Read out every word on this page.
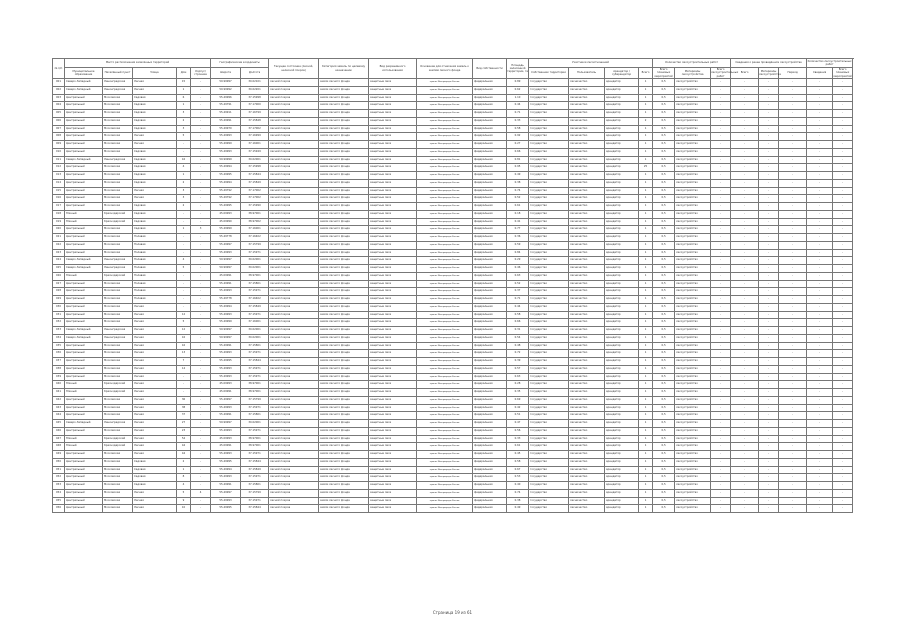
№ п/п	Место расположения залесённых территорий					Географические координаты		Текущее состояние (лесной, нелесной покров)	Категория земель по целевому назначению	Вид разрешённого использования	Основание для отнесения земель к землям лесного фонда	Вид собственности	Площадь залесённой территории, га	Участники лесоотношений				Количество лесоустроительных работ			Сведения о ранее проведённом лесоустройстве			Количество лесоустроительных работ	
	Муниципальное образование	Населённый пункт	Улица	Дом	Корпус/строение	Широта	Долгота							Собственник территории	Пользователь	Арендатор / субарендатор	Всего	Всего плановых мероприятий	Материалы лесоустройства	Всего лесоустроительных работ	Всего	Материалы лесоустройства	Период	Сведения	Всего плановых мероприятий	

001	Северо-Западный	Ленинградская	Лесная	15	-	59.99997	30.02101	лесной покров	земли лесного фонда	защитные леса	приказ Минприроды России	федеральная	0.89	государство	лесничество	арендатор	1	0,5	лесоустройство	-	-	-	-	-	-	
002	Северо-Западный	Ленинградская	Лесная	1	-	59.99992	30.02201	лесной покров	земли лесного фонда	защитные леса	приказ Минприроды России	федеральная	0.62	государство	лесничество	арендатор	1	0,5	лесоустройство	-	-	-	-	-	-	
003	Центральный	Московская	Садовая	6	-	55.49996	37.15998	лесной покров	земли лесного фонда	защитные леса	приказ Минприроды России	федеральная	1.10	государство	лесничество	арендатор	1	0,5	лесоустройство	-	-	-	-	-	-	
004	Центральный	Московская	Садовая	1	-	55.49791	37.17000	лесной покров	земли лесного фонда	защитные леса	приказ Минприроды России	федеральная	0.44	государство	лесничество	арендатор	1	0,5	лесоустройство	-	-	-	-	-	-	
005	Центральный	Московская	Садовая	3	-	55.49911	37.16799	лесной покров	земли лесного фонда	защитные леса	приказ Минприроды России	федеральная	0.71	государство	лесничество	арендатор	1	0,5	лесоустройство	-	-	-	-	-	-	
006	Центральный	Московская	Садовая	2	-	55.49991	37.15848	лесной покров	земли лесного фонда	защитные леса	приказ Минприроды России	федеральная	0.33	государство	лесничество	арендатор	2	0,5	лесоустройство	-	-	-	-	-	-	
007	Центральный	Московская	Садовая	3	-	55.49970	37.17002	лесной покров	земли лесного фонда	защитные леса	приказ Минприроды России	федеральная	0.58	государство	лесничество	арендатор	1	0,5	лесоустройство	-	-	-	-	-	-	
008	Центральный	Московская	Лесная	5	-	55.49993	37.16999	лесной покров	земли лесного фонда	защитные леса	приказ Минприроды России	федеральная	0.92	государство	лесничество	арендатор	1	0,5	лесоустройство	-	-	-	-	-	-	
009	Центральный	Московская	Лесная	-	-	55.49999	37.16001	лесной покров	земли лесного фонда	защитные леса	приказ Минприроды России	федеральная	0.27	государство	лесничество	арендатор	1	0,5	лесоустройство	-	-	-	-	-	-	
010	Центральный	Московская	Садовая	-	-	55.49993	37.15949	лесной покров	земли лесного фонда	защитные леса	приказ Минприроды России	федеральная	0.66	государство	лесничество	арендатор	1	0,5	лесоустройство	-	-	-	-	-	-	
011	Северо-Западный	Ленинградская	Садовая	16	-	59.99999	30.02001	лесной покров	земли лесного фонда	защитные леса	приказ Минприроды России	федеральная	0.81	государство	лесничество	арендатор	1	0,5	лесоустройство	-	-	-	-	-	-	
012	Центральный	Московская	Садовая	4	-	55.49994	37.15998	лесной покров	земли лесного фонда	защитные леса	приказ Минприроды России	федеральная	0.95	государство	лесничество	арендатор	25	0,5	лесоустройство	-	-	-	-	-	-	
013	Центральный	Московская	Садовая	1	-	55.49995	37.15844	лесной покров	земли лесного фонда	защитные леса	приказ Минприроды России	федеральная	0.49	государство	лесничество	арендатор	1	0,5	лесоустройство	-	-	-	-	-	-	
014	Центральный	Московская	Садовая	2	-	55.49994	37.15849	лесной покров	земли лесного фонда	защитные леса	приказ Минприроды России	федеральная	0.38	государство	лесничество	арендатор	1	0,5	лесоустройство	-	-	-	-	-	-	
015	Центральный	Московская	Лесная	3	-	55.49792	37.17002	лесной покров	земли лесного фонда	защитные леса	приказ Минприроды России	федеральная	0.74	государство	лесничество	арендатор	1	0,5	лесоустройство	-	-	-	-	-	-	
016	Центральный	Московская	Лесная	3	-	55.49792	37.17002	лесной покров	земли лесного фонда	защитные леса	приказ Минприроды России	федеральная	0.52	государство	лесничество	арендатор	1	0,5	лесоустройство	-	-	-	-	-	-	
017	Центральный	Московская	Садовая	2	-	55.49995	37.15990	лесной покров	земли лесного фонда	защитные леса	приказ Минприроды России	федеральная	0.61	государство	лесничество	арендатор	1	0,5	лесоустройство	-	-	-	-	-	-	
018	Южный	Краснодарский	Садовая	-	-	45.09993	38.97001	лесной покров	земли лесного фонда	защитные леса	приказ Минприроды России	федеральная	0.18	государство	лесничество	арендатор	1	0,5	лесоустройство	-	-	-	-	-	-	
019	Южный	Краснодарский	Садовая	-	-	45.09990	38.97002	лесной покров	земли лесного фонда	защитные леса	приказ Минприроды России	федеральная	0.41	государство	лесничество	арендатор	1	0,5	лесоустройство	-	-	-	-	-	-	
020	Центральный	Московская	Садовая	1	3	55.49999	37.16001	лесной покров	земли лесного фонда	защитные леса	приказ Минприроды России	федеральная	0.77	государство	лесничество	арендатор	1	0,5	лесоустройство	-	-	-	-	-	-	
021	Центральный	Московская	Полевая	-	-	55.49778	37.16402	лесной покров	земли лесного фонда	защитные леса	приказ Минприроды России	федеральная	0.36	государство	лесничество	арендатор	1	0,5	лесоустройство	-	-	-	-	-	-	
022	Центральный	Московская	Полевая	-	-	55.49997	37.15799	лесной покров	земли лесного фонда	защитные леса	приказ Минприроды России	федеральная	0.59	государство	лесничество	арендатор	1	0,5	лесоустройство	-	-	-	-	-	-	
023	Центральный	Московская	Полевая	-	-	55.49993	37.15971	лесной покров	земли лесного фонда	защитные леса	приказ Минприроды России	федеральная	0.84	государство	лесничество	арендатор	1	0,5	лесоустройство	-	-	-	-	-	-	
024	Северо-Западный	Ленинградская	Полевая	4	-	59.99997	30.02001	лесной покров	земли лесного фонда	защитные леса	приказ Минприроды России	федеральная	0.29	государство	лесничество	арендатор	1	0,5	лесоустройство	-	-	-	-	-	-	
025	Северо-Западный	Ленинградская	Полевая	5	-	59.99997	30.02001	лесной покров	земли лесного фонда	защитные леса	приказ Минприроды России	федеральная	0.46	государство	лесничество	арендатор	1	0,5	лесоустройство	-	-	-	-	-	-	
026	Южный	Краснодарский	Полевая	-	-	45.09991	38.97001	лесной покров	земли лесного фонда	защитные леса	приказ Минприроды России	федеральная	0.63	государство	лесничество	арендатор	1	0,5	лесоустройство	-	-	-	-	-	-	
027	Центральный	Московская	Полевая	-	-	55.49991	37.15801	лесной покров	земли лесного фонда	защитные леса	приказ Минприроды России	федеральная	0.52	государство	лесничество	арендатор	1	0,5	лесоустройство	-	-	-	-	-	-	
028	Центральный	Московская	Полевая	-	-	55.49993	37.15971	лесной покров	земли лесного фонда	защитные леса	приказ Минприроды России	федеральная	0.37	государство	лесничество	арендатор	1	0,5	лесоустройство	-	-	-	-	-	-	
029	Центральный	Московская	Полевая	-	-	55.49778	37.16402	лесной покров	земли лесного фонда	защитные леса	приказ Минприроды России	федеральная	0.71	государство	лесничество	арендатор	1	0,5	лесоустройство	-	-	-	-	-	-	
030	Центральный	Московская	Лесная	-	-	55.49994	37.15849	лесной покров	земли лесного фонда	защитные леса	приказ Минприроды России	федеральная	0.44	государство	лесничество	арендатор	1	0,5	лесоустройство	-	-	-	-	-	-	
031	Центральный	Московская	Лесная	12	-	55.49993	37.15971	лесной покров	земли лесного фонда	защитные леса	приказ Минприроды России	федеральная	0.58	государство	лесничество	арендатор	1	0,5	лесоустройство	-	-	-	-	-	-	
032	Центральный	Московская	Лесная	5	-	55.49999	37.16001	лесной покров	земли лесного фонда	защитные леса	приказ Минприроды России	федеральная	0.66	государство	лесничество	арендатор	1	0,5	лесоустройство	-	-	-	-	-	-	
033	Северо-Западный	Ленинградская	Лесная	12	-	59.99997	30.02001	лесной покров	земли лесного фонда	защитные леса	приказ Минприроды России	федеральная	0.31	государство	лесничество	арендатор	1	0,5	лесоустройство	-	-	-	-	-	-	
034	Северо-Западный	Ленинградская	Лесная	16	-	59.99997	30.02001	лесной покров	земли лесного фонда	защитные леса	приказ Минприроды России	федеральная	0.54	государство	лесничество	арендатор	1	0,5	лесоустройство	-	-	-	-	-	-	
035	Центральный	Московская	Лесная	16	-	55.49991	37.15801	лесной покров	земли лесного фонда	защитные леса	приказ Минприроды России	федеральная	0.48	государство	лесничество	арендатор	1	0,5	лесоустройство	-	-	-	-	-	-	
036	Центральный	Московская	Лесная	13	-	55.49993	37.15971	лесной покров	земли лесного фонда	защитные леса	приказ Минприроды России	федеральная	0.72	государство	лесничество	арендатор	1	0,5	лесоустройство	-	-	-	-	-	-	
037	Центральный	Московская	Лесная	7	-	55.49995	37.15844	лесной покров	земли лесного фонда	защитные леса	приказ Минприроды России	федеральная	0.39	государство	лесничество	арендатор	1	0,5	лесоустройство	-	-	-	-	-	-	
038	Центральный	Московская	Лесная	14	-	55.49993	37.15971	лесной покров	земли лесного фонда	защитные леса	приказ Минприроды России	федеральная	0.57	государство	лесничество	арендатор	1	0,5	лесоустройство	-	-	-	-	-	-	
039	Центральный	Московская	Лесная	-	-	55.49993	37.15971	лесной покров	земли лесного фонда	защитные леса	приказ Минприроды России	федеральная	0.63	государство	лесничество	арендатор	1	0,5	лесоустройство	-	-	-	-	-	-	
040	Южный	Краснодарский	Лесная	-	-	45.09993	38.97001	лесной покров	земли лесного фонда	защитные леса	приказ Минприроды России	федеральная	0.28	государство	лесничество	арендатор	1	0,5	лесоустройство	-	-	-	-	-	-	
041	Южный	Краснодарский	Лесная	-	-	45.09991	38.97001	лесной покров	земли лесного фонда	защитные леса	приказ Минприроды России	федеральная	0.35	государство	лесничество	арендатор	1	0,5	лесоустройство	-	-	-	-	-	-	
042	Центральный	Московская	Лесная	36	-	55.49997	37.15799	лесной покров	земли лесного фонда	защитные леса	приказ Минприроды России	федеральная	0.69	государство	лесничество	арендатор	1	0,5	лесоустройство	-	-	-	-	-	-	
043	Центральный	Московская	Лесная	38	-	55.49993	37.15971	лесной покров	земли лесного фонда	защитные леса	приказ Минприроды России	федеральная	0.42	государство	лесничество	арендатор	1	0,5	лесоустройство	-	-	-	-	-	-	
044	Центральный	Московская	Лесная	37	-	55.49991	37.15801	лесной покров	земли лесного фонда	защитные леса	приказ Минприроды России	федеральная	0.51	государство	лесничество	арендатор	1	0,5	лесоустройство	-	-	-	-	-	-	
045	Северо-Западный	Ленинградская	Лесная	27	-	59.99997	30.02001	лесной покров	земли лесного фонда	защитные леса	приказ Минприроды России	федеральная	0.47	государство	лесничество	арендатор	1	0,5	лесоустройство	-	-	-	-	-	-	
046	Центральный	Московская	Лесная	23	-	55.49993	37.15971	лесной покров	земли лесного фонда	защитные леса	приказ Минприроды России	федеральная	0.56	государство	лесничество	арендатор	1	0,5	лесоустройство	-	-	-	-	-	-	
047	Южный	Краснодарский	Лесная	54	-	45.09993	38.97001	лесной покров	земли лесного фонда	защитные леса	приказ Минприроды России	федеральная	0.33	государство	лесничество	арендатор	1	0,5	лесоустройство	-	-	-	-	-	-	
048	Южный	Краснодарский	Лесная	44	-	45.09991	38.97001	лесной покров	земли лесного фонда	защитные леса	приказ Минприроды России	федеральная	0.61	государство	лесничество	арендатор	1	0,5	лесоустройство	-	-	-	-	-	-	
049	Центральный	Московская	Лесная	44	-	55.49993	37.15971	лесной покров	земли лесного фонда	защитные леса	приказ Минприроды России	федеральная	0.45	государство	лесничество	арендатор	1	0,5	лесоустройство	-	-	-	-	-	-	
050	Центральный	Московская	Садовая	2	-	55.49995	37.15844	лесной покров	земли лесного фонда	защитные леса	приказ Минприроды России	федеральная	0.58	государство	лесничество	арендатор	1	0,5	лесоустройство	-	-	-	-	-	-	
051	Центральный	Московская	Садовая	1	-	55.49994	37.15849	лесной покров	земли лесного фонда	защитные леса	приказ Минприроды России	федеральная	0.67	государство	лесничество	арендатор	1	0,5	лесоустройство	-	-	-	-	-	-	
052	Центральный	Московская	Садовая	8	-	55.49993	37.15971	лесной покров	земли лесного фонда	защитные леса	приказ Минприроды России	федеральная	0.53	государство	лесничество	арендатор	1	0,5	лесоустройство	-	-	-	-	-	-	
053	Центральный	Московская	Садовая	4	-	55.49991	37.15801	лесной покров	земли лесного фонда	защитные леса	приказ Минприроды России	федеральная	0.40	государство	лесничество	арендатор	1	0,5	лесоустройство	-	-	-	-	-	-	
054	Центральный	Московская	Лесная	5	4	55.49997	37.15799	лесной покров	земли лесного фонда	защитные леса	приказ Минприроды России	федеральная	0.74	государство	лесничество	арендатор	1	0,5	лесоустройство	-	-	-	-	-	-	
055	Центральный	Московская	Лесная	9	-	55.49993	37.15971	лесной покров	земли лесного фонда	защитные леса	приказ Минприроды России	федеральная	0.38	государство	лесничество	арендатор	1	0,5	лесоустройство	-	-	-	-	-	-	
056	Центральный	Московская	Лесная	10	-	55.49995	37.15844	лесной покров	земли лесного фонда	защитные леса	приказ Минприроды России	федеральная	0.49	государство	лесничество	арендатор	1	0,5	лесоустройство	-	-	-	-	-	-	
Страница 19 из 61
